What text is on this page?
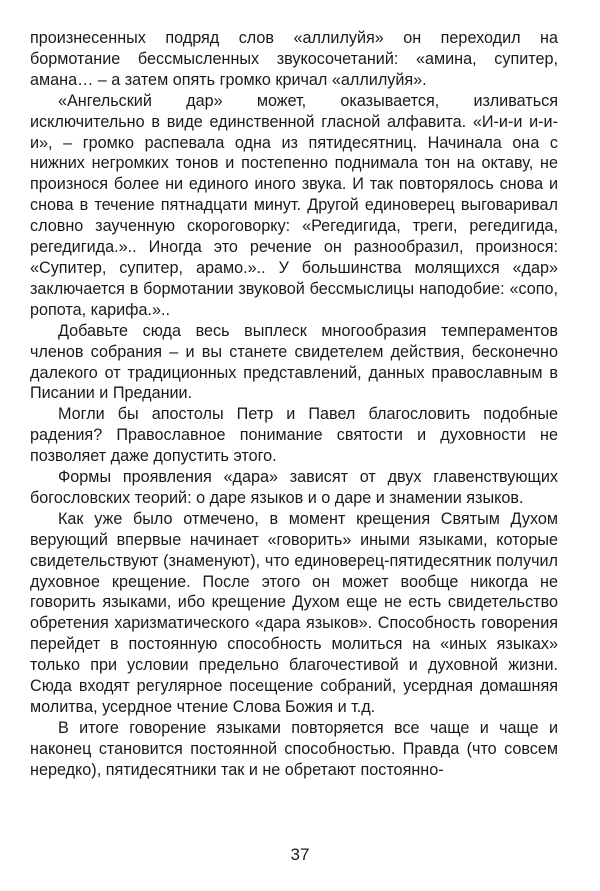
произнесенных подряд слов «аллилуйя» он переходил на бормотание бессмысленных звукосочетаний: «амина, супитер, амана… – а затем опять громко кричал «аллилуйя».

«Ангельский дар» может, оказывается, изливаться исключительно в виде единственной гласной алфавита. «И-и-и и-и-и», – громко распевала одна из пятидесятниц. Начинала она с нижних негромких тонов и постепенно поднимала тон на октаву, не произнося более ни единого иного звука. И так повторялось снова и снова в течение пятнадцати минут. Другой единоверец выговаривал словно заученную скороговорку: «Регедигида, треги, регедигида, регедигида.».. Иногда это речение он разнообразил, произнося: «Супитер, супитер, арамо.».. У большинства молящихся «дар» заключается в бормотании звуковой бессмыслицы наподобие: «сопо, ропота, карифа.»..

Добавьте сюда весь выплеск многообразия темпераментов членов собрания – и вы станете свидетелем действия, бесконечно далекого от традиционных представлений, данных православным в Писании и Предании.

Могли бы апостолы Петр и Павел благословить подобные радения? Православное понимание святости и духовности не позволяет даже допустить этого.

Формы проявления «дара» зависят от двух главенствующих богословских теорий: о даре языков и о даре и знамении языков.

Как уже было отмечено, в момент крещения Святым Духом верующий впервые начинает «говорить» иными языками, которые свидетельствуют (знаменуют), что единоверец-пятидесятник получил духовное крещение. После этого он может вообще никогда не говорить языками, ибо крещение Духом еще не есть свидетельство обретения харизматического «дара языков». Способность говорения перейдет в постоянную способность молиться на «иных языках» только при условии предельно благочестивой и духовной жизни. Сюда входят регулярное посещение собраний, усердная домашняя молитва, усердное чтение Слова Божия и т.д.

В итоге говорение языками повторяется все чаще и чаще и наконец становится постоянной способностью. Правда (что совсем нередко), пятидесятники так и не обретают постоянно-

37
